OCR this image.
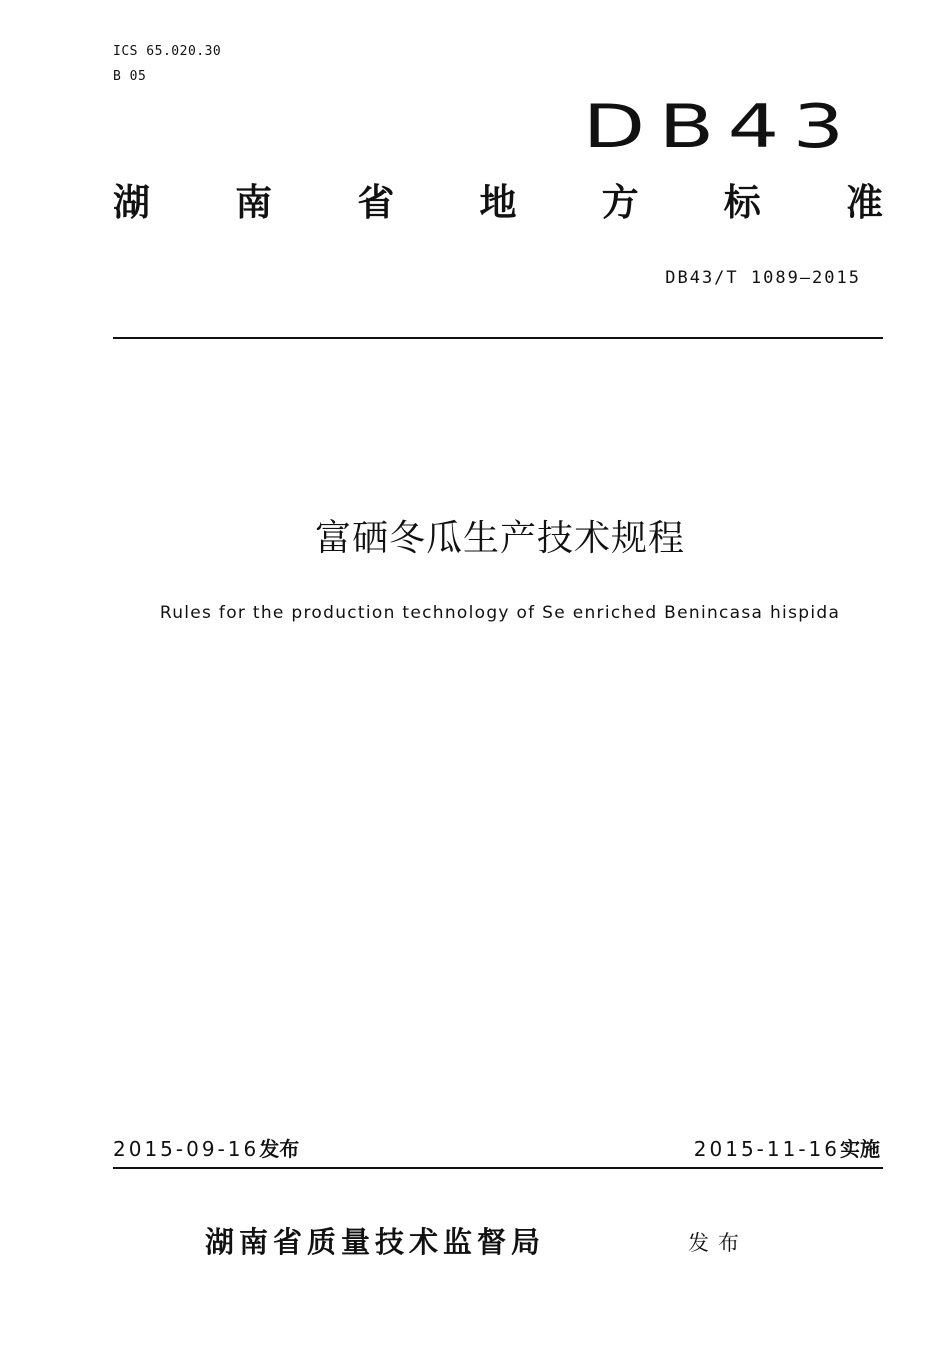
ICS 65.020.30
B 05
DB43
湖 南 省 地 方 标 准
DB43/T 1089—2015
富硒冬瓜生产技术规程
Rules for the production technology of Se enriched Benincasa hispida
2015-09-16发布	2015-11-16实施
湖南省质量技术监督局	发布
